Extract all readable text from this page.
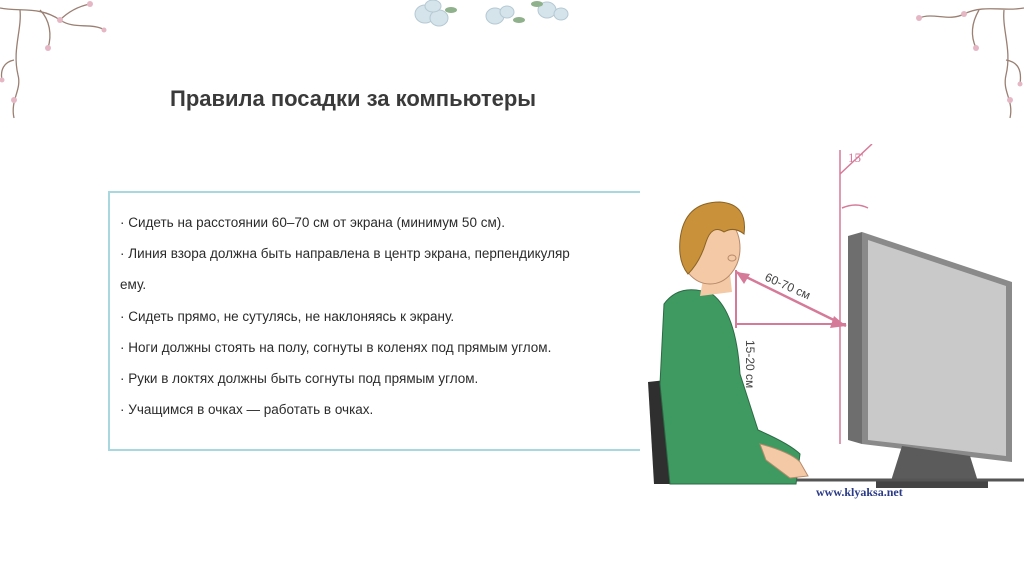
Правила посадки за компьютеры
· Сидеть на расстоянии 60–70 см от экрана (минимум 50 см).
· Линия взора должна быть направлена в центр экрана, перпендикуляр
ему.
· Сидеть прямо, не сутулясь, не наклоняясь к экрану.
· Ноги должны стоять на полу, согнуты в коленях под прямым углом.
· Руки в локтях должны быть согнуты под прямым углом.
· Учащимся в очках — работать в очках.
15'
60-70 см
15-20 см
www.klyaksa.net
